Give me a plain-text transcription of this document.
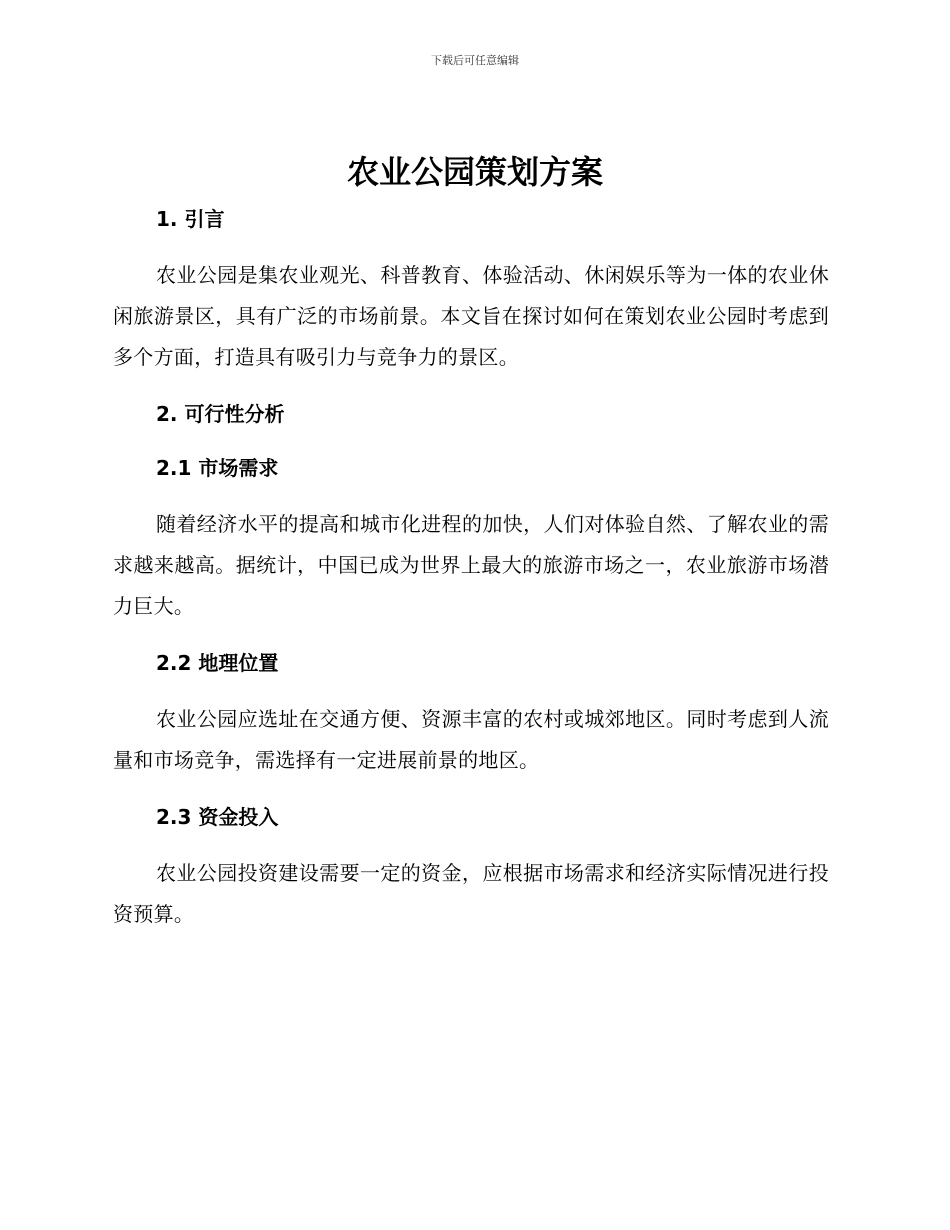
下载后可任意编辑
农业公园策划方案
1. 引言

农业公园是集农业观光、科普教育、体验活动、休闲娱乐等为一体的农业休闲旅游景区，具有广泛的市场前景。本文旨在探讨如何在策划农业公园时考虑到多个方面，打造具有吸引力与竞争力的景区。

2. 可行性分析
2.1 市场需求

随着经济水平的提高和城市化进程的加快，人们对体验自然、了解农业的需求越来越高。据统计，中国已成为世界上最大的旅游市场之一，农业旅游市场潜力巨大。

2.2 地理位置

农业公园应选址在交通方便、资源丰富的农村或城郊地区。同时考虑到人流量和市场竞争，需选择有一定进展前景的地区。

2.3 资金投入

农业公园投资建设需要一定的资金，应根据市场需求和经济实际情况进行投资预算。
